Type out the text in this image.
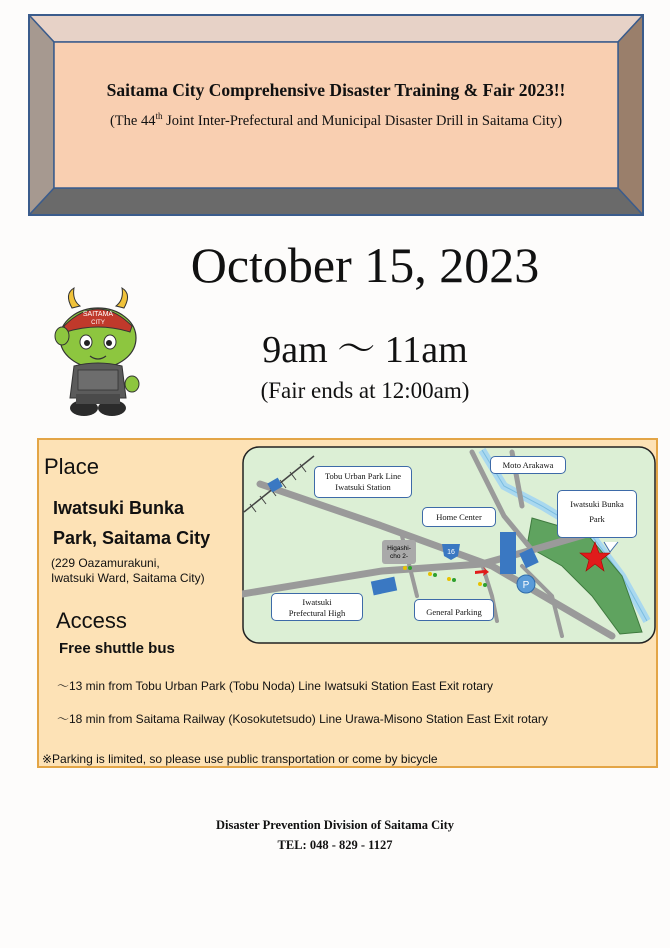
Saitama City Comprehensive Disaster Training & Fair 2023!!
(The 44th Joint Inter-Prefectural and Municipal Disaster Drill in Saitama City)
October 15, 2023
9am 〜 11am
(Fair ends at 12:00am)
SAITAMA
CITY
Place
Iwatsuki Bunka
Park, Saitama City
(229 Oazamurakuni,
Iwatsuki Ward, Saitama City)
Access
Free shuttle bus
〜13 min from Tobu Urban Park (Tobu Noda) Line Iwatsuki Station East Exit rotary
〜18 min from Saitama Railway (Kosokutetsudo) Line Urawa-Misono Station East Exit rotary
※Parking is limited, so please use public transportation or come by bicycle
16
Higashi-
cho 2-
P
Tobu Urban Park Line
Iwatsuki Station
Moto Arakawa
Iwatsuki Bunka
Park
Home Center
Iwatsuki
Prefectural High	General Parking
Disaster Prevention Division of Saitama City
TEL: 048 - 829 - 1127
